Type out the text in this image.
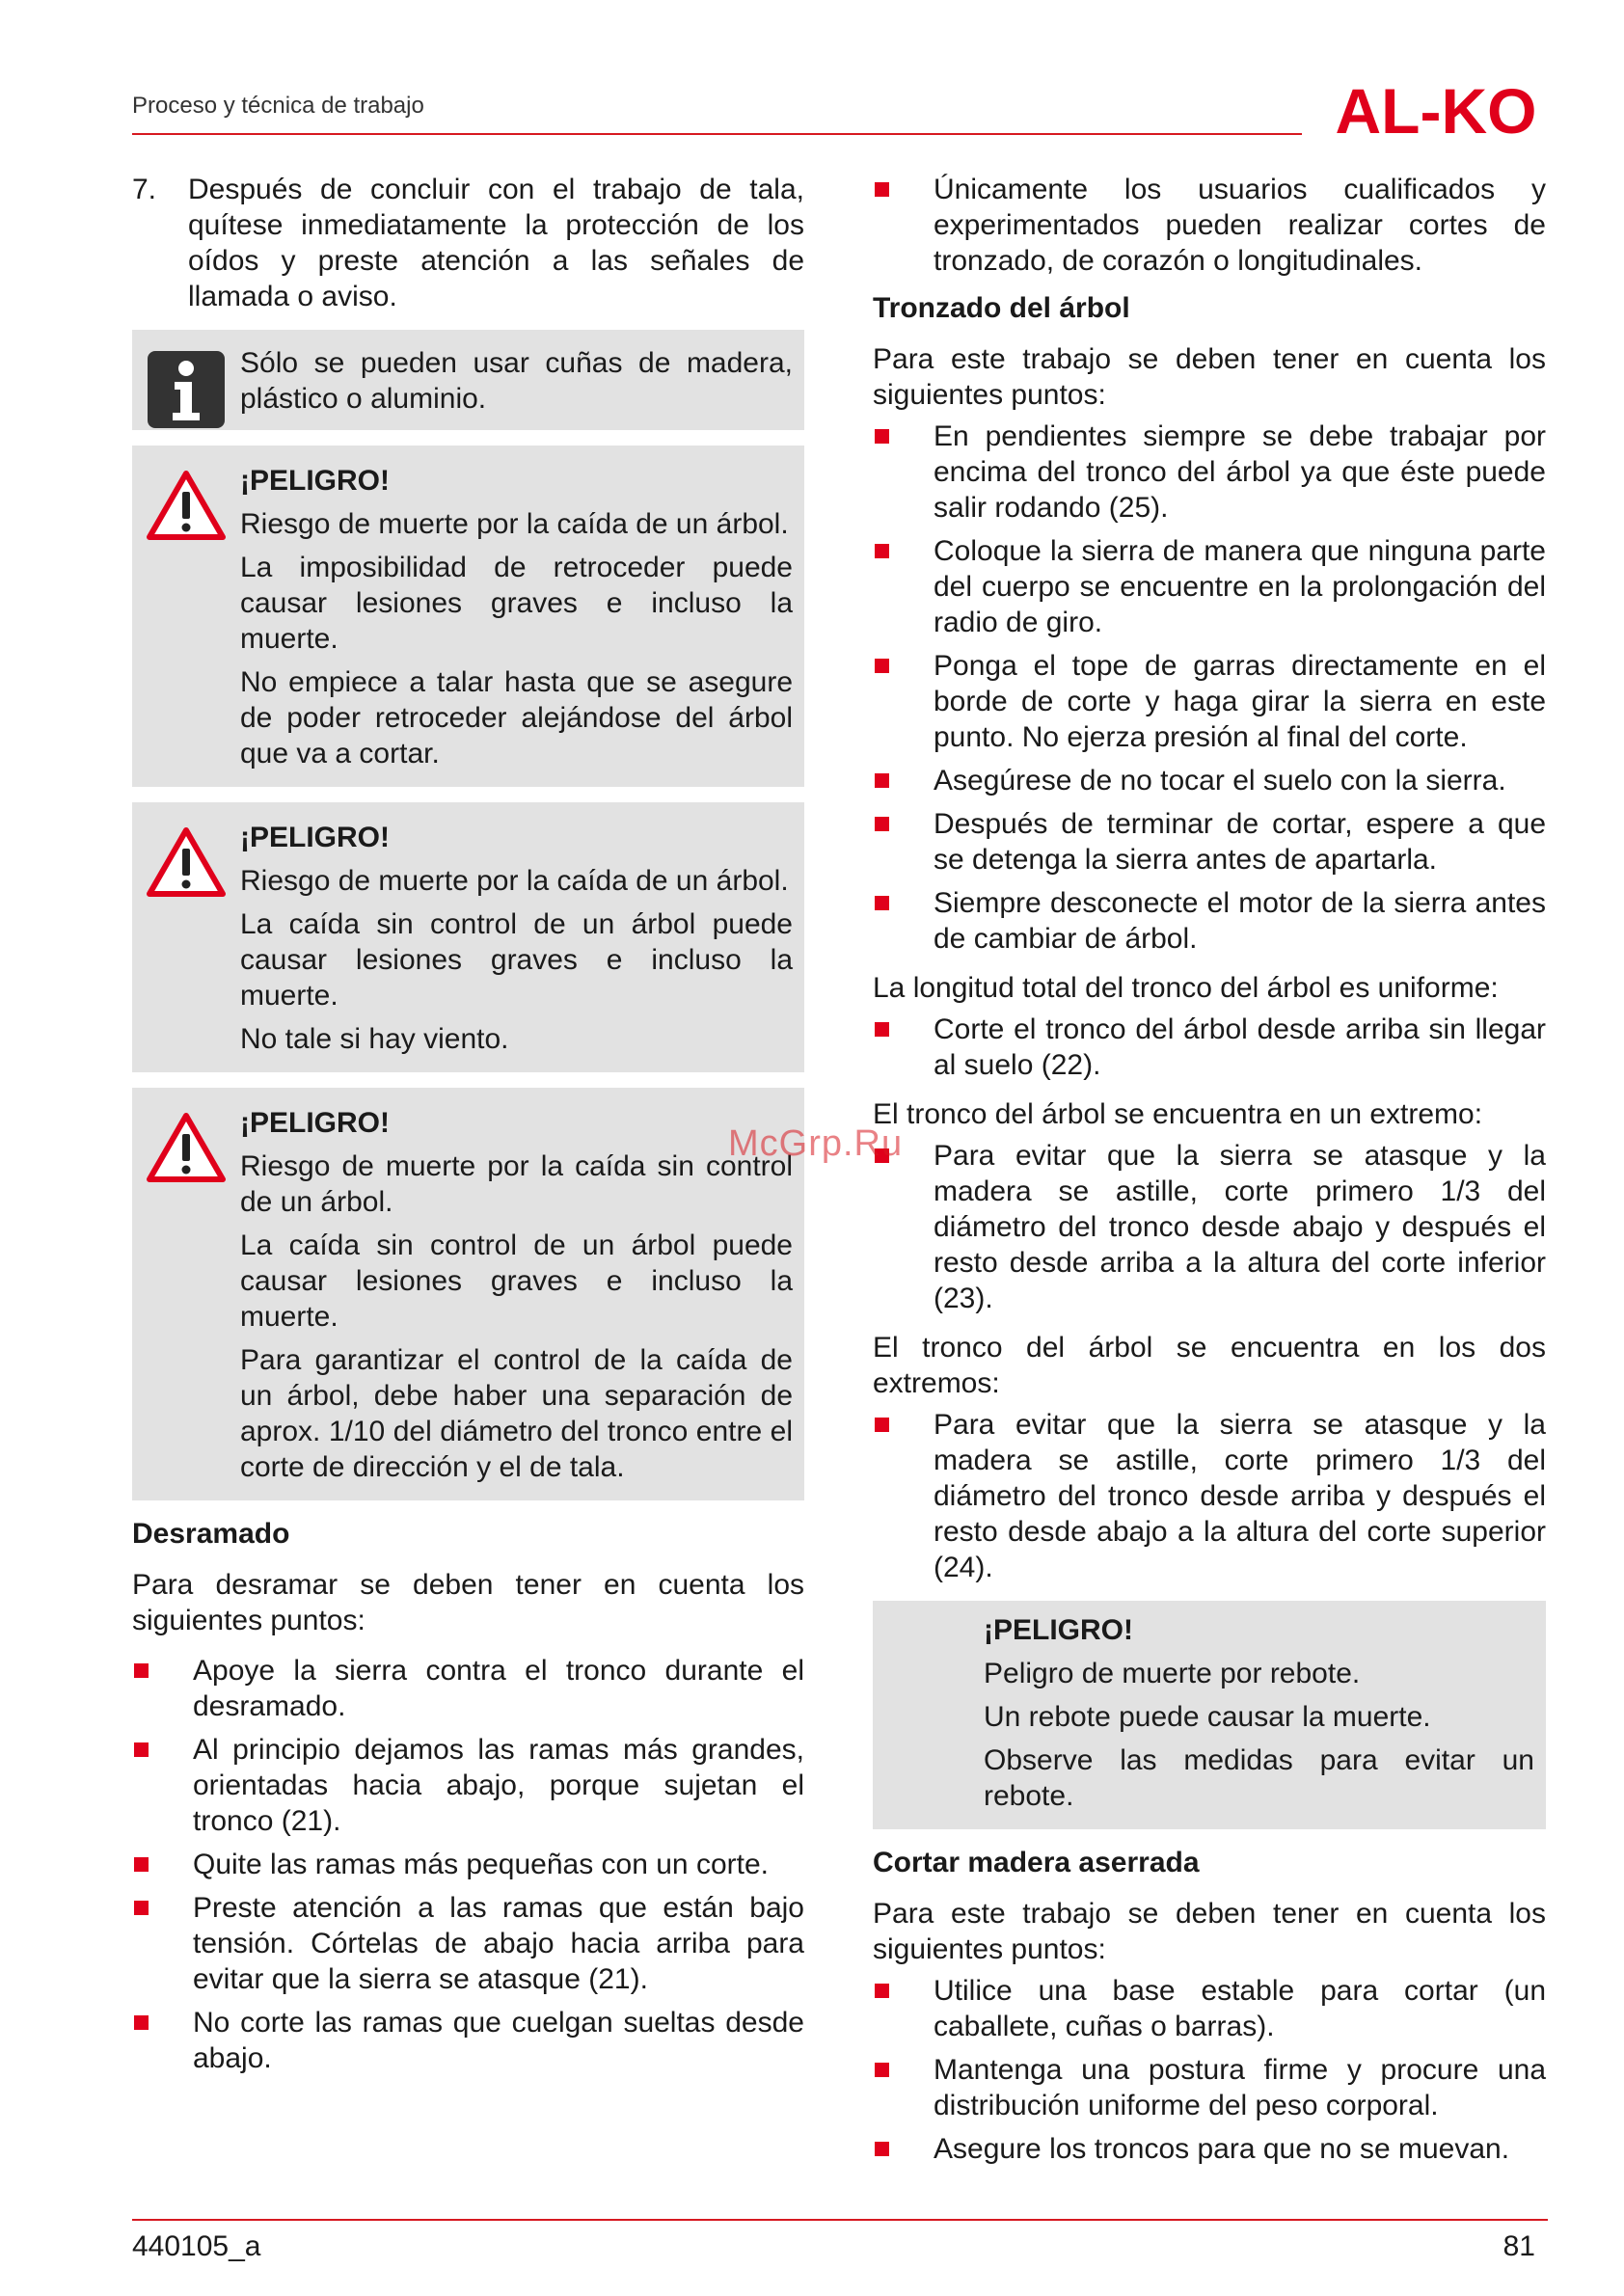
Proceso y técnica de trabajo	AL-KO
7.	Después de concluir con el trabajo de tala, quítese inmediatamente la protección de los oídos y preste atención a las señales de llamada o aviso.

Sólo se pueden usar cuñas de madera, plástico o aluminio.

¡PELIGRO!

Riesgo de muerte por la caída de un árbol.

La imposibilidad de retroceder puede causar lesiones graves e incluso la muerte.

No empiece a talar hasta que se asegure de poder retroceder alejándose del árbol que va a cortar.

¡PELIGRO!

Riesgo de muerte por la caída de un árbol.

La caída sin control de un árbol puede causar lesiones graves e incluso la muerte.

No tale si hay viento.

¡PELIGRO!

Riesgo de muerte por la caída sin control de un árbol.

La caída sin control de un árbol puede causar lesiones graves e incluso la muerte.

Para garantizar el control de la caída de un árbol, debe haber una separación de aprox. 1/10 del diámetro del tronco entre el corte de dirección y el de tala.

Desramado

Para desramar se deben tener en cuenta los siguientes puntos:

Apoye la sierra contra el tronco durante el desramado.
Al principio dejamos las ramas más grandes, orientadas hacia abajo, porque sujetan el tronco (21).
Quite las ramas más pequeñas con un corte.
Preste atención a las ramas que están bajo tensión. Córtelas de abajo hacia arriba para evitar que la sierra se atasque (21).
No corte las ramas que cuelgan sueltas desde abajo.
Únicamente los usuarios cualificados y experimentados pueden realizar cortes de tronzado, de corazón o longitudinales.
Tronzado del árbol

Para este trabajo se deben tener en cuenta los siguientes puntos:

En pendientes siempre se debe trabajar por encima del tronco del árbol ya que éste puede salir rodando (25).
Coloque la sierra de manera que ninguna parte del cuerpo se encuentre en la prolongación del radio de giro.
Ponga el tope de garras directamente en el borde de corte y haga girar la sierra en este punto. No ejerza presión al final del corte.
Asegúrese de no tocar el suelo con la sierra.
Después de terminar de cortar, espere a que se detenga la sierra antes de apartarla.
Siempre desconecte el motor de la sierra antes de cambiar de árbol.

La longitud total del tronco del árbol es uniforme:

Corte el tronco del árbol desde arriba sin llegar al suelo (22).

El tronco del árbol se encuentra en un extremo:

Para evitar que la sierra se atasque y la madera se astille, corte primero 1/3 del diámetro del tronco desde abajo y después el resto desde arriba a la altura del corte inferior (23).

El tronco del árbol se encuentra en los dos extremos:

Para evitar que la sierra se atasque y la madera se astille, corte primero 1/3 del diámetro del tronco desde arriba y después el resto desde abajo a la altura del corte superior (24).
¡PELIGRO!

Peligro de muerte por rebote.

Un rebote puede causar la muerte.

Observe las medidas para evitar un rebote.

Cortar madera aserrada

Para este trabajo se deben tener en cuenta los siguientes puntos:

Utilice una base estable para cortar (un caballete, cuñas o barras).
Mantenga una postura firme y procure una distribución uniforme del peso corporal.
Asegure los troncos para que no se muevan.
McGrp.Ru
440105_a	81
